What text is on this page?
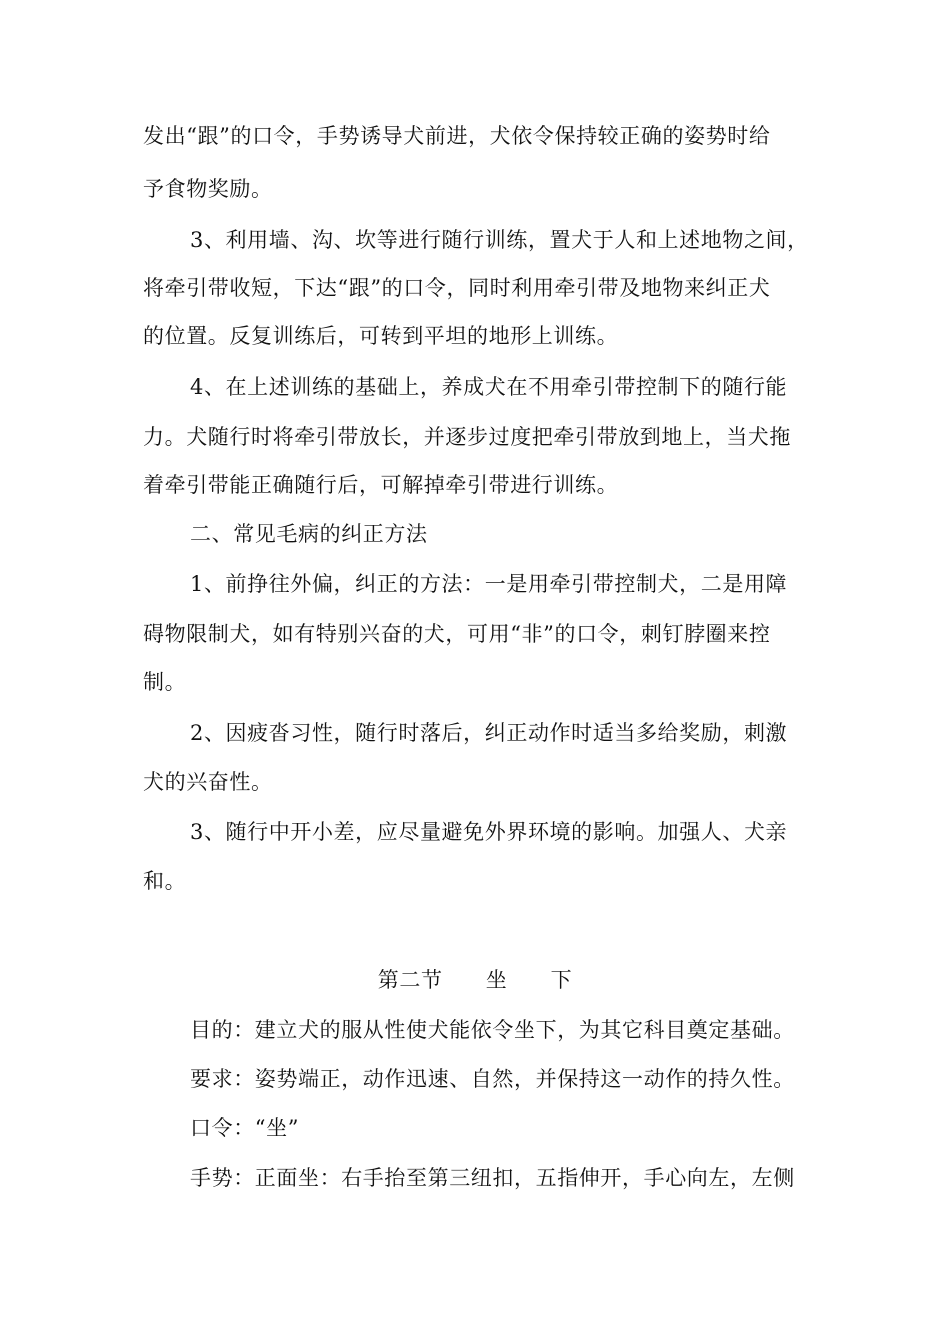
发出“跟”的口令，手势诱导犬前进，犬依令保持较正确的姿势时给
予食物奖励。
3、利用墙、沟、坎等进行随行训练，置犬于人和上述地物之间，
将牵引带收短，下达“跟”的口令，同时利用牵引带及地物来纠正犬
的位置。反复训练后，可转到平坦的地形上训练。
4、在上述训练的基础上，养成犬在不用牵引带控制下的随行能
力。犬随行时将牵引带放长，并逐步过度把牵引带放到地上，当犬拖
着牵引带能正确随行后，可解掉牵引带进行训练。
二、常见毛病的纠正方法
1、前挣往外偏，纠正的方法：一是用牵引带控制犬，二是用障
碍物限制犬，如有特别兴奋的犬，可用“非”的口令，刺钉脖圈来控
制。
2、因疲沓习性，随行时落后，纠正动作时适当多给奖励，刺激
犬的兴奋性。
3、随行中开小差，应尽量避免外界环境的影响。加强人、犬亲
和。
第二节　　坐　　下
目的：建立犬的服从性使犬能依令坐下，为其它科目奠定基础。
要求：姿势端正，动作迅速、自然，并保持这一动作的持久性。
口令：“坐”
手势：正面坐：右手抬至第三纽扣，五指伸开，手心向左，左侧
